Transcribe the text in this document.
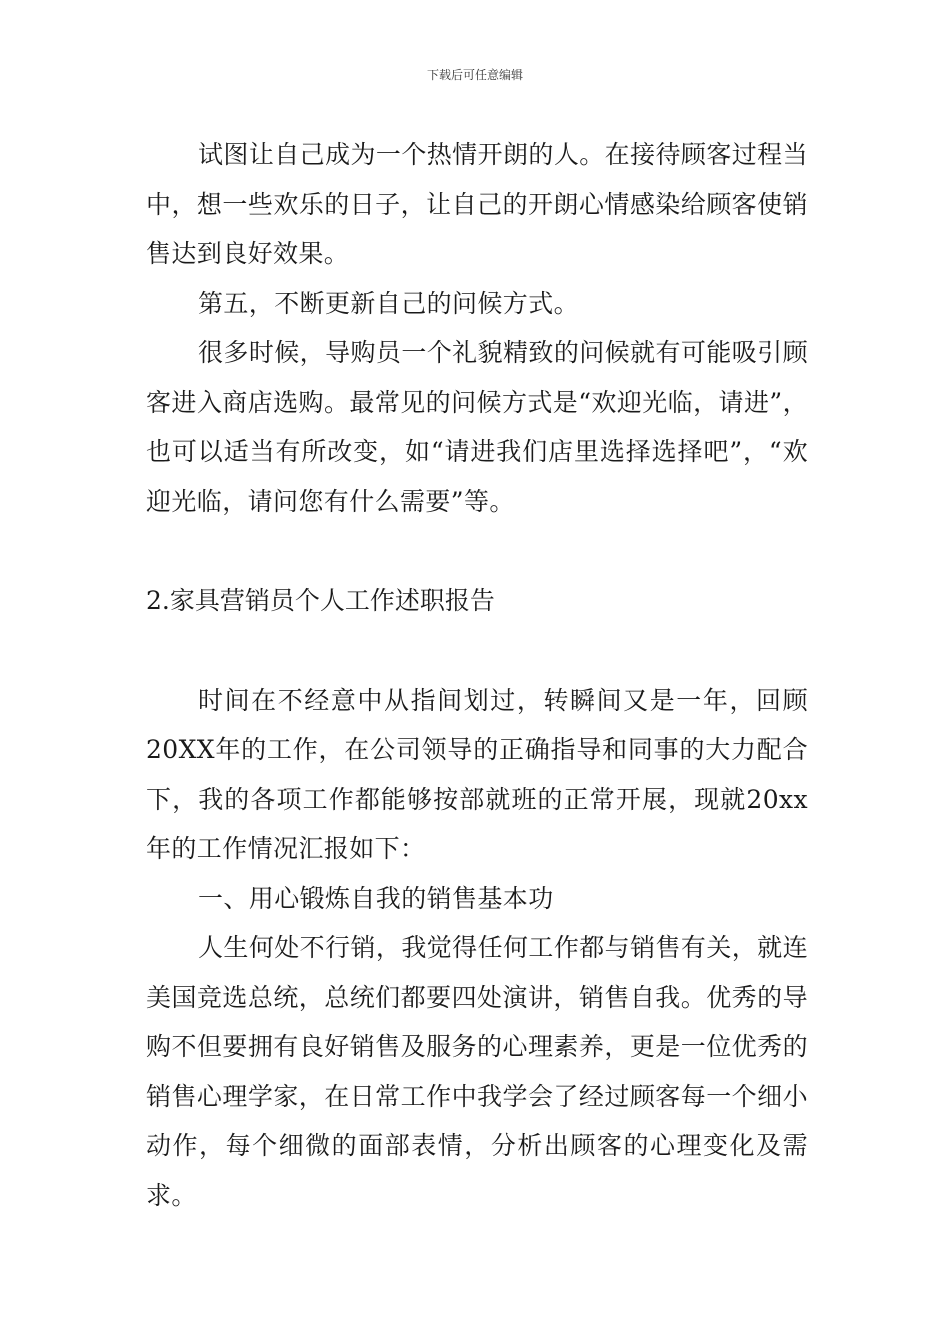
下载后可任意编辑

试图让自己成为一个热情开朗的人。在接待顾客过程当中，想一些欢乐的日子，让自己的开朗心情感染给顾客使销售达到良好效果。

第五，不断更新自己的问候方式。

很多时候，导购员一个礼貌精致的问候就有可能吸引顾客进入商店选购。最常见的问候方式是“欢迎光临，请进”，也可以适当有所改变，如“请进我们店里选择选择吧”，“欢迎光临，请问您有什么需要”等。

2.家具营销员个人工作述职报告

时间在不经意中从指间划过，转瞬间又是一年，回顾20XX年的工作，在公司领导的正确指导和同事的大力配合下，我的各项工作都能够按部就班的正常开展，现就20xx年的工作情况汇报如下：

一、用心锻炼自我的销售基本功

人生何处不行销，我觉得任何工作都与销售有关，就连美国竞选总统，总统们都要四处演讲，销售自我。优秀的导购不但要拥有良好销售及服务的心理素养，更是一位优秀的销售心理学家，在日常工作中我学会了经过顾客每一个细小动作，每个细微的面部表情，分析出顾客的心理变化及需求。
